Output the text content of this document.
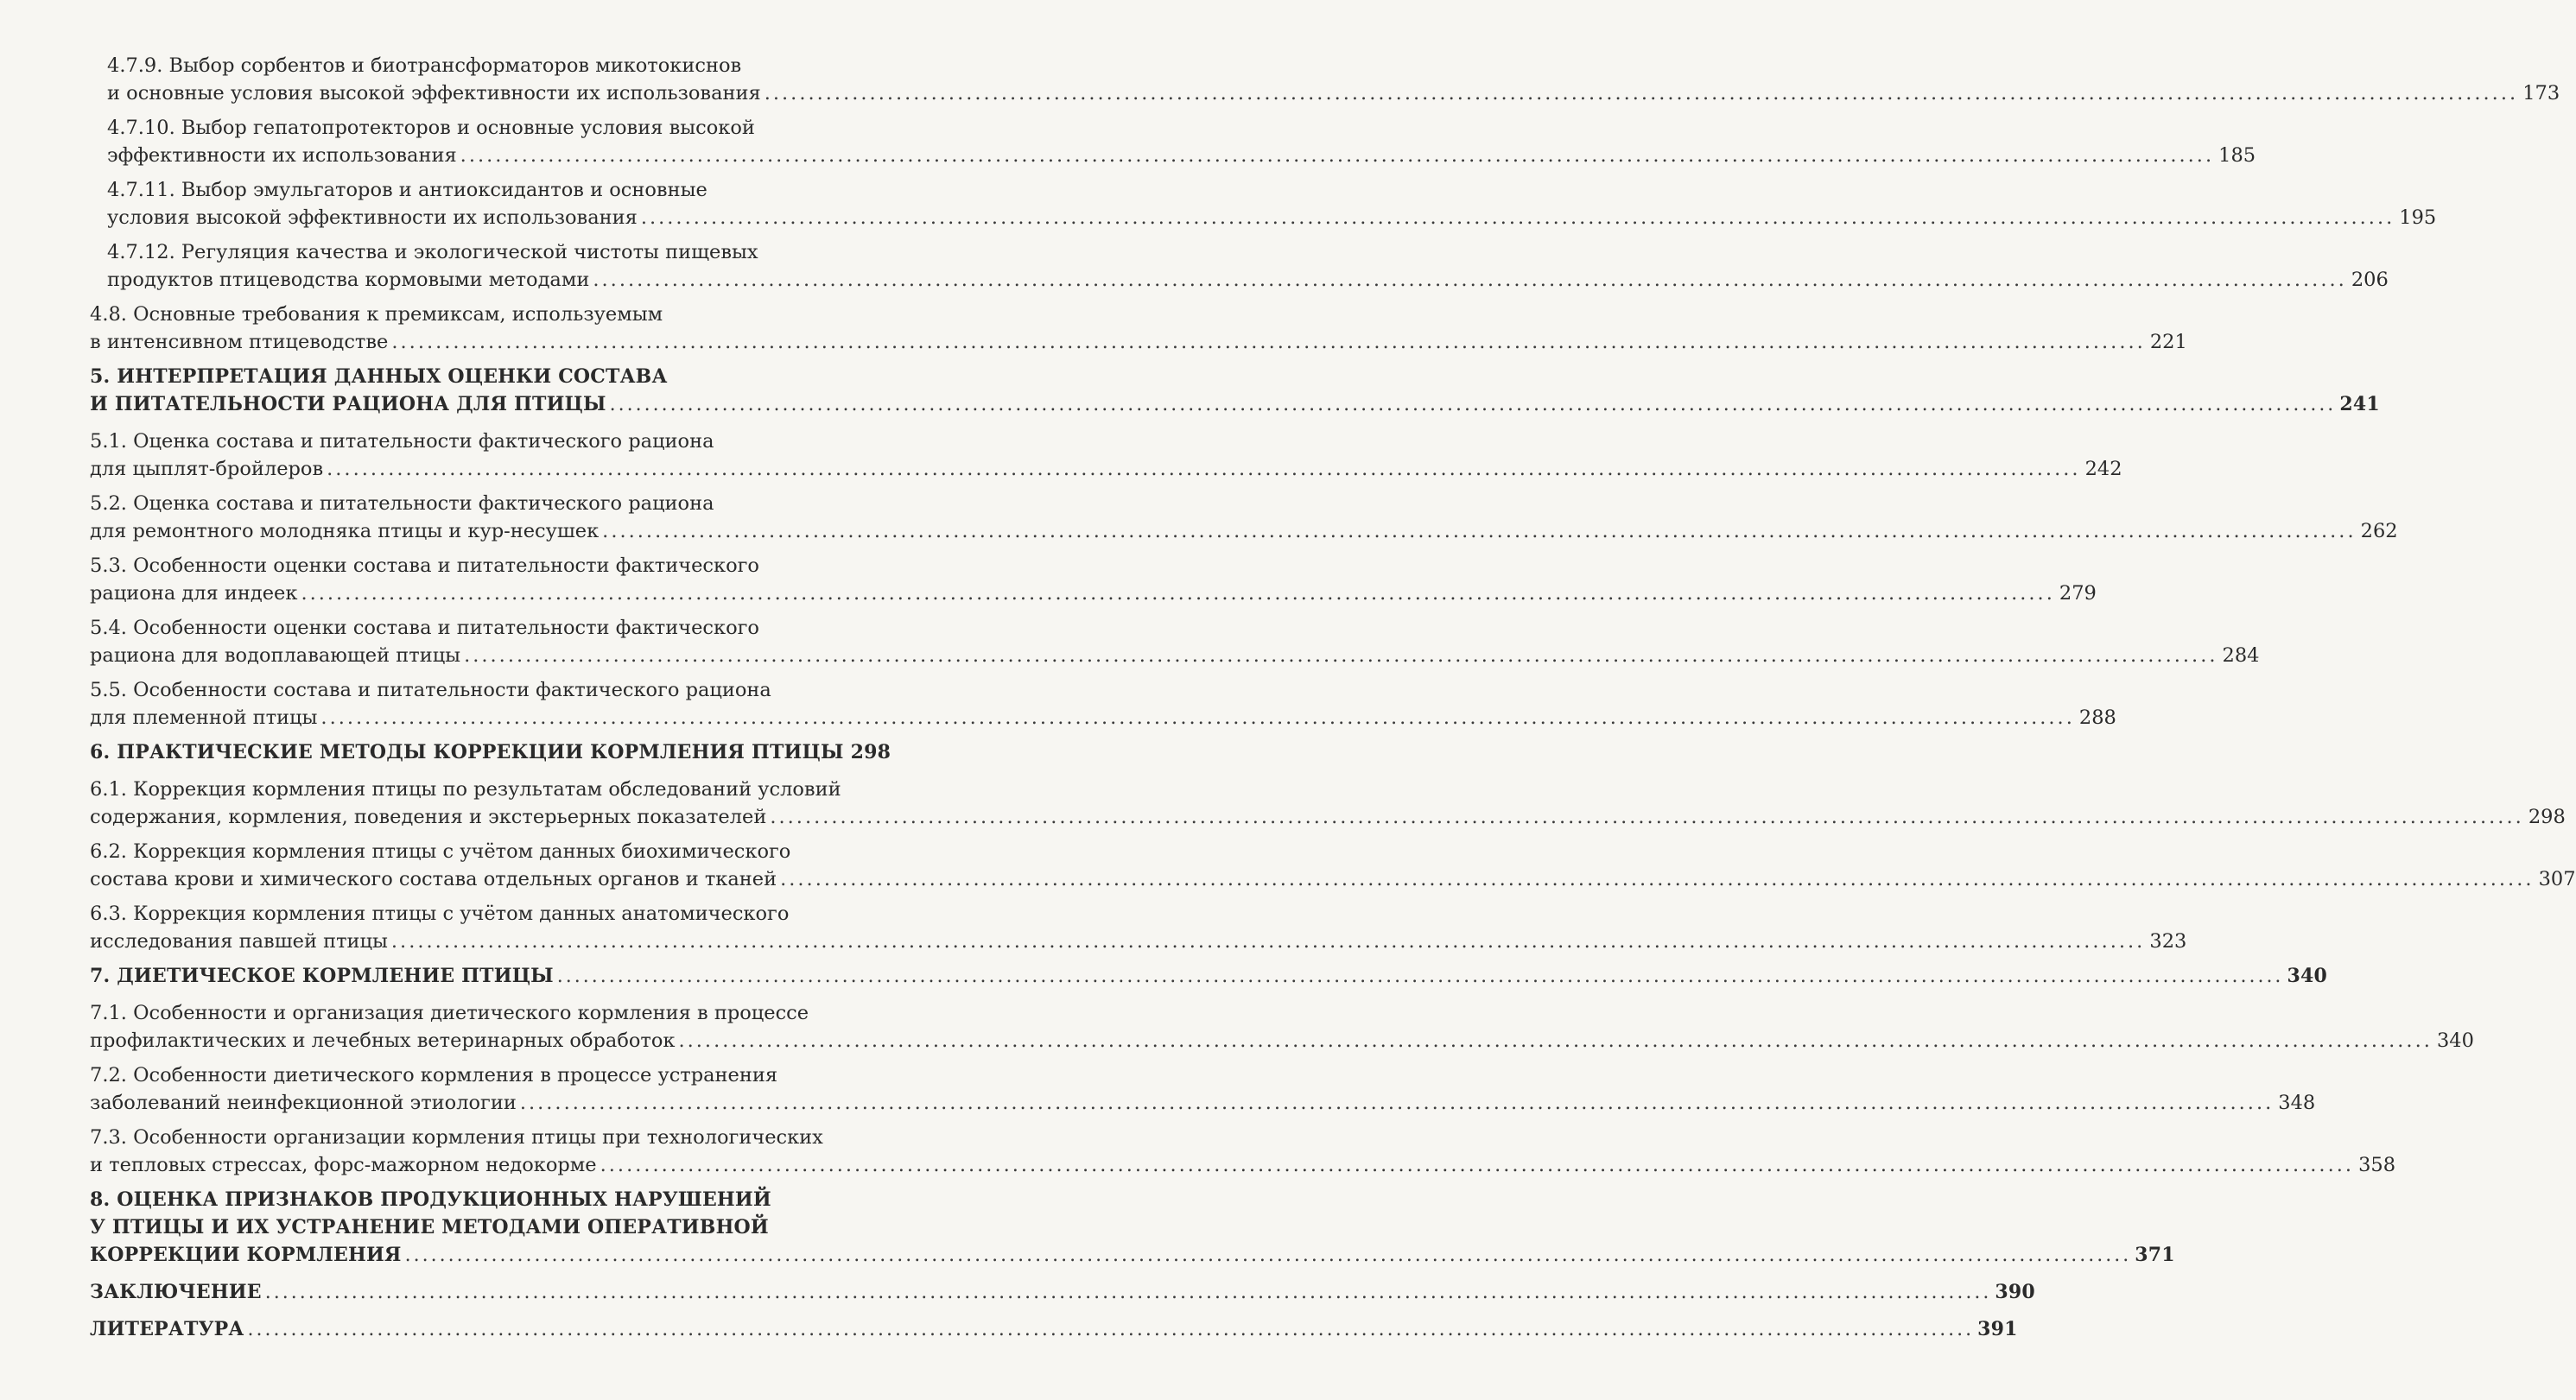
4.7.9. Выбор сорбентов и биотрансформаторов микотокиснов
и основные условия высокой эффективности их использования ........................................................................................................................................................................................................ 173
4.7.10. Выбор гепатопротекторов и основные условия высокой
эффективности их использования ........................................................................................................................................................................................................ 185
4.7.11. Выбор эмульгаторов и антиоксидантов и основные
условия высокой эффективности их использования ........................................................................................................................................................................................................ 195
4.7.12. Регуляция качества и экологической чистоты пищевых
продуктов птицеводства кормовыми методами ........................................................................................................................................................................................................ 206
4.8. Основные требования к премиксам, используемым
в интенсивном птицеводстве ........................................................................................................................................................................................................ 221
5. ИНТЕРПРЕТАЦИЯ ДАННЫХ ОЦЕНКИ СОСТАВА
И ПИТАТЕЛЬНОСТИ РАЦИОНА ДЛЯ ПТИЦЫ ........................................................................................................................................................................................................ 241
5.1. Оценка состава и питательности фактического рациона
для цыплят-бройлеров ........................................................................................................................................................................................................ 242
5.2. Оценка состава и питательности фактического рациона
для ремонтного молодняка птицы и кур-несушек ........................................................................................................................................................................................................ 262
5.3. Особенности оценки состава и питательности фактического
рациона для индеек ........................................................................................................................................................................................................ 279
5.4. Особенности оценки состава и питательности фактического
рациона для водоплавающей птицы ........................................................................................................................................................................................................ 284
5.5. Особенности состава и питательности фактического рациона
для племенной птицы ........................................................................................................................................................................................................ 288
6. ПРАКТИЧЕСКИЕ МЕТОДЫ КОРРЕКЦИИ КОРМЛЕНИЯ ПТИЦЫ 298
6.1. Коррекция кормления птицы по результатам обследований условий
содержания, кормления, поведения и экстерьерных показателей ........................................................................................................................................................................................................ 298
6.2. Коррекция кормления птицы с учётом данных биохимического
состава крови и химического состава отдельных органов и тканей ........................................................................................................................................................................................................ 307
6.3. Коррекция кормления птицы с учётом данных анатомического
исследования павшей птицы ........................................................................................................................................................................................................ 323
7. ДИЕТИЧЕСКОЕ КОРМЛЕНИЕ ПТИЦЫ ........................................................................................................................................................................................................ 340
7.1. Особенности и организация диетического кормления в процессе
профилактических и лечебных ветеринарных обработок ........................................................................................................................................................................................................ 340
7.2. Особенности диетического кормления в процессе устранения
заболеваний неинфекционной этиологии ........................................................................................................................................................................................................ 348
7.3. Особенности организации кормления птицы при технологических
и тепловых стрессах, форс-мажорном недокорме ........................................................................................................................................................................................................ 358
8. ОЦЕНКА ПРИЗНАКОВ ПРОДУКЦИОННЫХ НАРУШЕНИЙ
У ПТИЦЫ И ИХ УСТРАНЕНИЕ МЕТОДАМИ ОПЕРАТИВНОЙ
КОРРЕКЦИИ КОРМЛЕНИЯ ........................................................................................................................................................................................................ 371
ЗАКЛЮЧЕНИЕ ........................................................................................................................................................................................................ 390
ЛИТЕРАТУРА ........................................................................................................................................................................................................ 391
